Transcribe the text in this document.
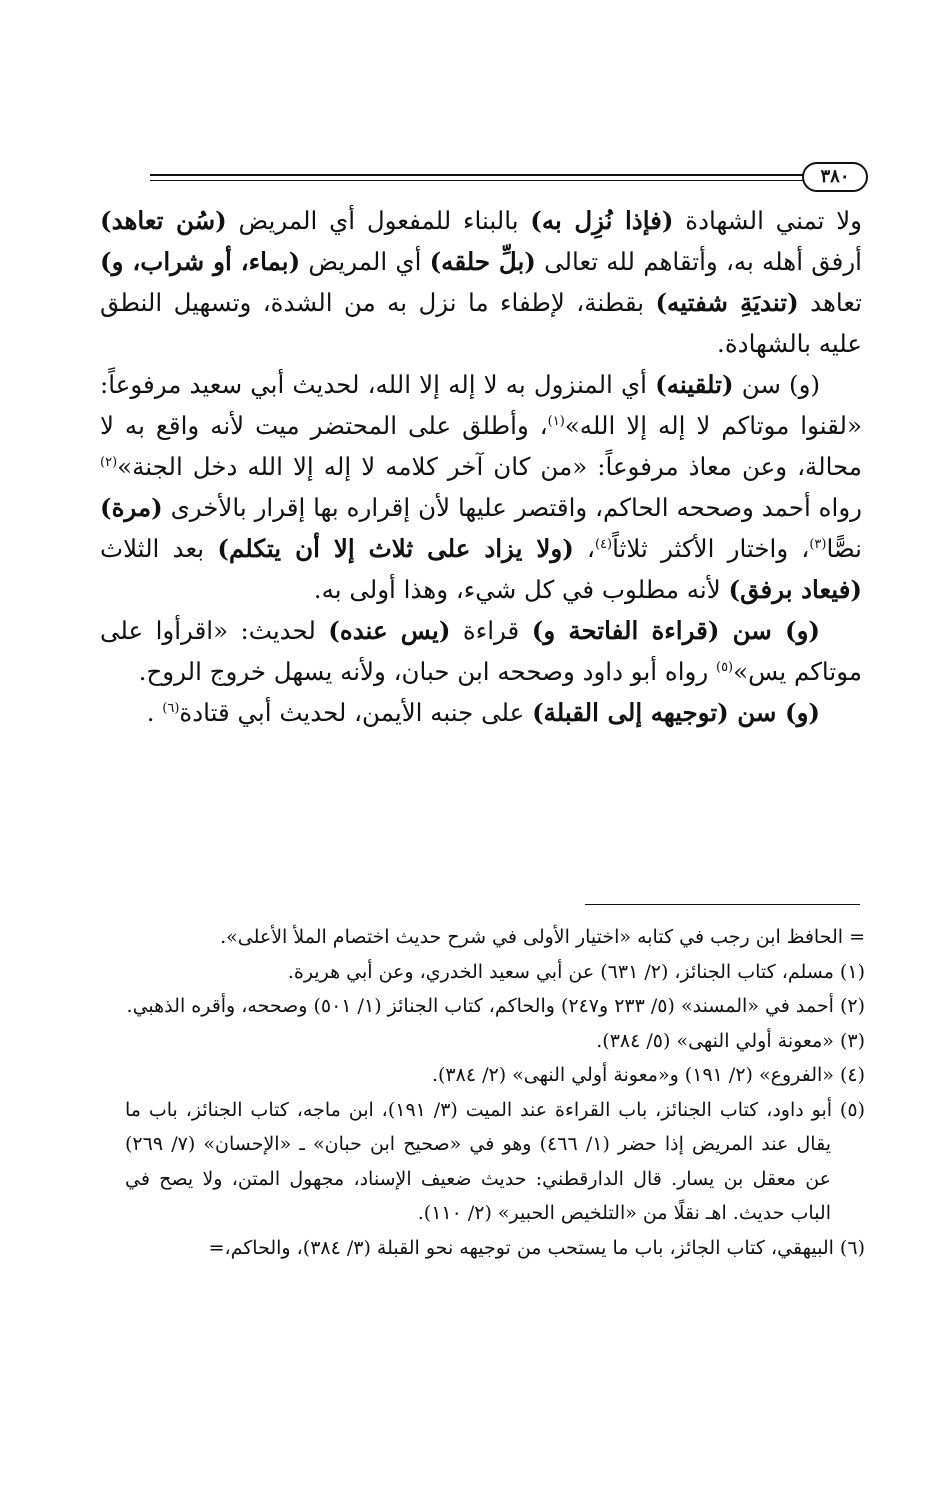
٣٨٠

ولا تمني الشهادة (فإذا نُزِل به) بالبناء للمفعول أي المريض (سُن تعاهد) أرفق أهله به، وأتقاهم لله تعالى (بلِّ حلقه) أي المريض (بماء، أو شراب، و) تعاهد (تنديَةِ شفتيه) بقطنة، لإطفاء ما نزل به من الشدة، وتسهيل النطق عليه بالشهادة.

(و) سن (تلقينه) أي المنزول به لا إله إلا الله، لحديث أبي سعيد مرفوعاً: «لقنوا موتاكم لا إله إلا الله»$^{(١)}$، وأطلق على المحتضر ميت لأنه واقع به لا محالة، وعن معاذ مرفوعاً: «من كان آخر كلامه لا إله إلا الله دخل الجنة»$^{(٢)}$ رواه أحمد وصححه الحاكم، واقتصر عليها لأن إقراره بها إقرار بالأخرى (مرة) نصًّا$^{(٣)}$، واختار الأكثر ثلاثاً$^{(٤)}$، (ولا يزاد على ثلاث إلا أن يتكلم) بعد الثلاث (فيعاد برفق) لأنه مطلوب في كل شيء، وهذا أولى به.

(و) سن (قراءة الفاتحة و) قراءة (يس عنده) لحديث: «اقرأوا على موتاكم يس»$^{(٥)}$ رواه أبو داود وصححه ابن حبان، ولأنه يسهل خروج الروح.

(و) سن (توجيهه إلى القبلة) على جنبه الأيمن، لحديث أبي قتادة$^{(٦)}$ .

= الحافظ ابن رجب في كتابه «اختيار الأولى في شرح حديث اختصام الملأ الأعلى».

(١) مسلم، كتاب الجنائز، (٢/ ٦٣١) عن أبي سعيد الخدري، وعن أبي هريرة.

(٢) أحمد في «المسند» (٥/ ٢٣٣ و٢٤٧) والحاكم، كتاب الجنائز (١/ ٥٠١) وصححه، وأقره الذهبي.

(٣) «معونة أولي النهى» (٥/ ٣٨٤).

(٤) «الفروع» (٢/ ١٩١) و«معونة أولي النهى» (٢/ ٣٨٤).

(٥) أبو داود، كتاب الجنائز، باب القراءة عند الميت (٣/ ١٩١)، ابن ماجه، كتاب الجنائز، باب ما يقال عند المريض إذا حضر (١/ ٤٦٦) وهو في «صحيح ابن حبان» ـ «الإحسان» (٧/ ٢٦٩) عن معقل بن يسار. قال الدارقطني: حديث ضعيف الإسناد، مجهول المتن، ولا يصح في الباب حديث. اهـ نقلًا من «التلخيص الحبير» (٢/ ١١٠).

(٦) البيهقي، كتاب الجائز، باب ما يستحب من توجيهه نحو القبلة (٣/ ٣٨٤)، والحاكم،=
